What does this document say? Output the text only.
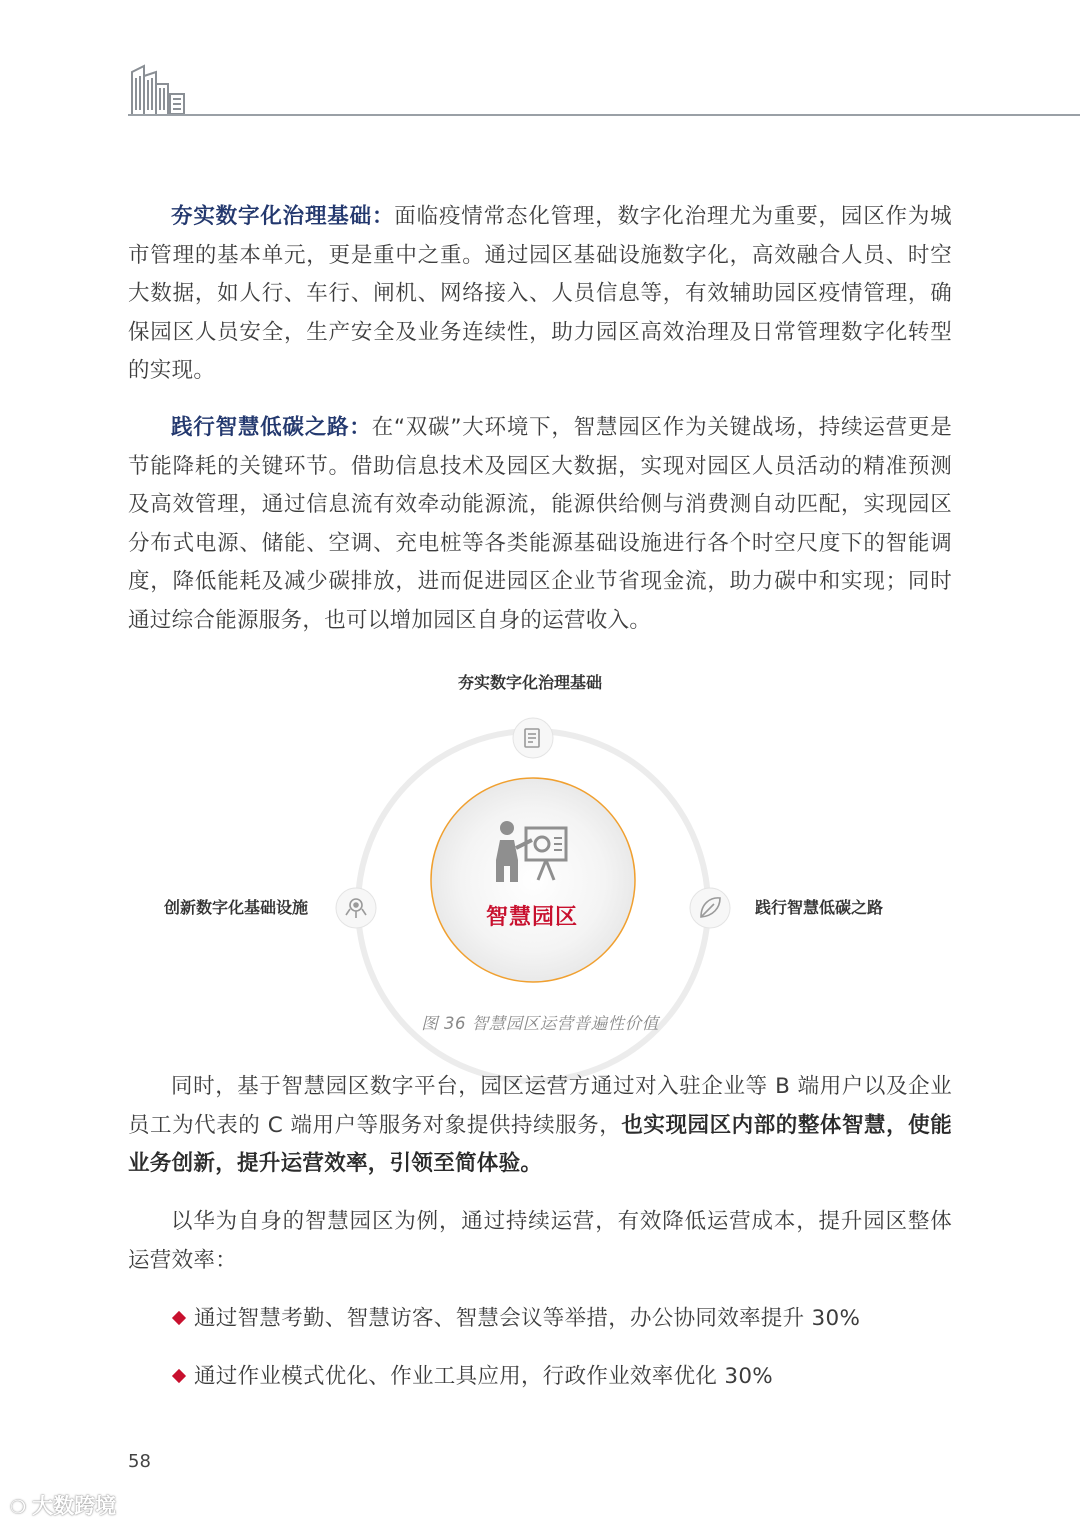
夯实数字化治理基础：面临疫情常态化管理，数字化治理尤为重要，园区作为城市管理的基本单元，更是重中之重。通过园区基础设施数字化，高效融合人员、时空大数据，如人行、车行、闸机、网络接入、人员信息等，有效辅助园区疫情管理，确保园区人员安全，生产安全及业务连续性，助力园区高效治理及日常管理数字化转型的实现。

践行智慧低碳之路：在“双碳”大环境下，智慧园区作为关键战场，持续运营更是节能降耗的关键环节。借助信息技术及园区大数据，实现对园区人员活动的精准预测及高效管理，通过信息流有效牵动能源流，能源供给侧与消费测自动匹配，实现园区分布式电源、储能、空调、充电桩等各类能源基础设施进行各个时空尺度下的智能调度，降低能耗及减少碳排放，进而促进园区企业节省现金流，助力碳中和实现；同时通过综合能源服务，也可以增加园区自身的运营收入。

夯实数字化治理基础
创新数字化基础设施	践行智慧低碳之路
智慧园区
图 36 智慧园区运营普遍性价值

同时，基于智慧园区数字平台，园区运营方通过对入驻企业等 B 端用户以及企业员工为代表的 C 端用户等服务对象提供持续服务，也实现园区内部的整体智慧，使能业务创新，提升运营效率，引领至简体验。

以华为自身的智慧园区为例，通过持续运营，有效降低运营成本，提升园区整体运营效率：

通过智慧考勤、智慧访客、智慧会议等举措，办公协同效率提升 30%

通过作业模式优化、作业工具应用，行政作业效率优化 30%

58
❍ 大数跨境
